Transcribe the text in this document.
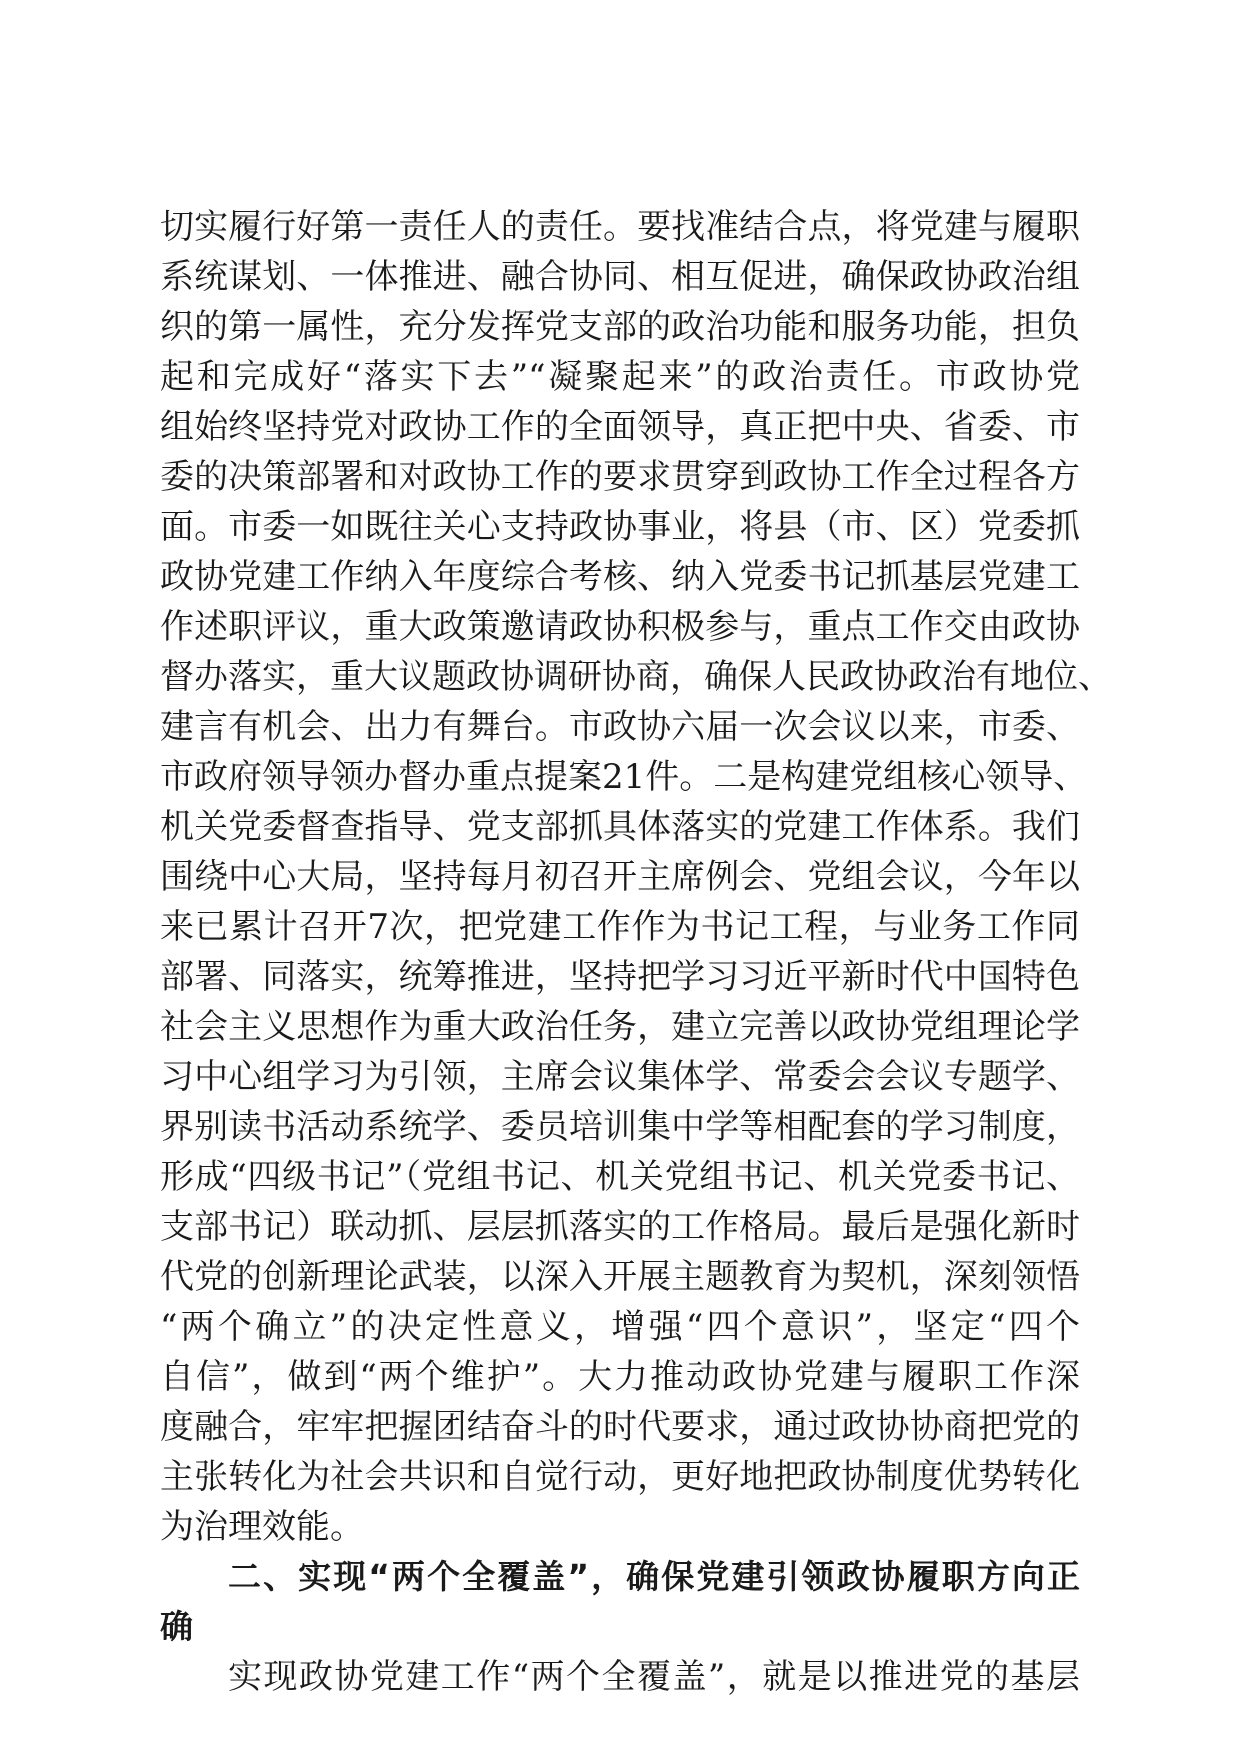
切实履行好第一责任人的责任。要找准结合点，将党建与履职
系统谋划、一体推进、融合协同、相互促进，确保政协政治组
织的第一属性，充分发挥党支部的政治功能和服务功能，担负
起和完成好“落实下去”“凝聚起来”的政治责任。市政协党
组始终坚持党对政协工作的全面领导，真正把中央、省委、市
委的决策部署和对政协工作的要求贯穿到政协工作全过程各方
面。市委一如既往关心支持政协事业，将县（市、区）党委抓
政协党建工作纳入年度综合考核、纳入党委书记抓基层党建工
作述职评议，重大政策邀请政协积极参与，重点工作交由政协
督办落实，重大议题政协调研协商，确保人民政协政治有地位、
建言有机会、出力有舞台。市政协六届一次会议以来，市委、
市政府领导领办督办重点提案21件。二是构建党组核心领导、
机关党委督查指导、党支部抓具体落实的党建工作体系。我们
围绕中心大局，坚持每月初召开主席例会、党组会议，今年以
来已累计召开7次，把党建工作作为书记工程，与业务工作同
部署、同落实，统筹推进，坚持把学习习近平新时代中国特色
社会主义思想作为重大政治任务，建立完善以政协党组理论学
习中心组学习为引领，主席会议集体学、常委会会议专题学、
界别读书活动系统学、委员培训集中学等相配套的学习制度，
形成“四级书记”（党组书记、机关党组书记、机关党委书记、
支部书记）联动抓、层层抓落实的工作格局。最后是强化新时
代党的创新理论武装，以深入开展主题教育为契机，深刻领悟
“两个确立”的决定性意义，增强“四个意识”，坚定“四个
自信”，做到“两个维护”。大力推动政协党建与履职工作深
度融合，牢牢把握团结奋斗的时代要求，通过政协协商把党的
主张转化为社会共识和自觉行动，更好地把政协制度优势转化
为治理效能。
二、实现“两个全覆盖”，确保党建引领政协履职方向正
确
实现政协党建工作“两个全覆盖”，就是以推进党的基层
